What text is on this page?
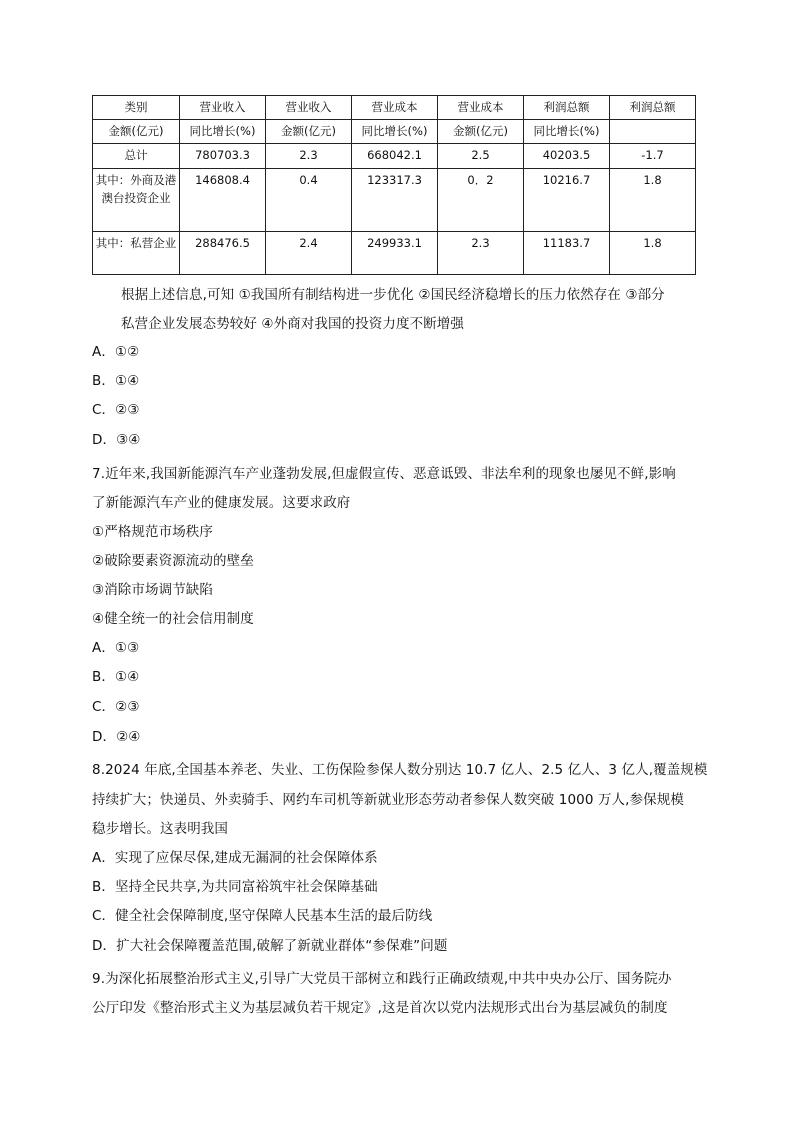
类别	营业收入	营业收入	营业成本	营业成本	利润总额	利润总额
金额(亿元)	同比增长(%)	金额(亿元)	同比增长(%)	金额(亿元)	同比增长(%)	
总计	780703.3	2.3	668042.1	2.5	40203.5	-1.7
其中：外商及港澳台投资企业	146808.4	0.4	123317.3	0．2	10216.7	1.8
其中：私营企业	288476.5	2.4	249933.1	2.3	11183.7	1.8
根据上述信息,可知 ①我国所有制结构进一步优化 ②国民经济稳增长的压力依然存在 ③部分
私营企业发展态势较好 ④外商对我国的投资力度不断增强
A．①②
B．①④
C．②③
D．③④
7.近年来,我国新能源汽车产业蓬勃发展,但虚假宣传、恶意诋毁、非法牟利的现象也屡见不鲜,影响
了新能源汽车产业的健康发展。这要求政府
①严格规范市场秩序
②破除要素资源流动的壁垒
③消除市场调节缺陷
④健全统一的社会信用制度
A．①③
B．①④
C．②③
D．②④
8.2024 年底,全国基本养老、失业、工伤保险参保人数分别达 10.7 亿人、2.5 亿人、3 亿人,覆盖规模
持续扩大；快递员、外卖骑手、网约车司机等新就业形态劳动者参保人数突破 1000 万人,参保规模
稳步增长。这表明我国
A．实现了应保尽保,建成无漏洞的社会保障体系
B．坚持全民共享,为共同富裕筑牢社会保障基础
C．健全社会保障制度,坚守保障人民基本生活的最后防线
D．扩大社会保障覆盖范围,破解了新就业群体“参保难”问题
9.为深化拓展整治形式主义,引导广大党员干部树立和践行正确政绩观,中共中央办公厅、国务院办
公厅印发《整治形式主义为基层减负若干规定》,这是首次以党内法规形式出台为基层减负的制度
